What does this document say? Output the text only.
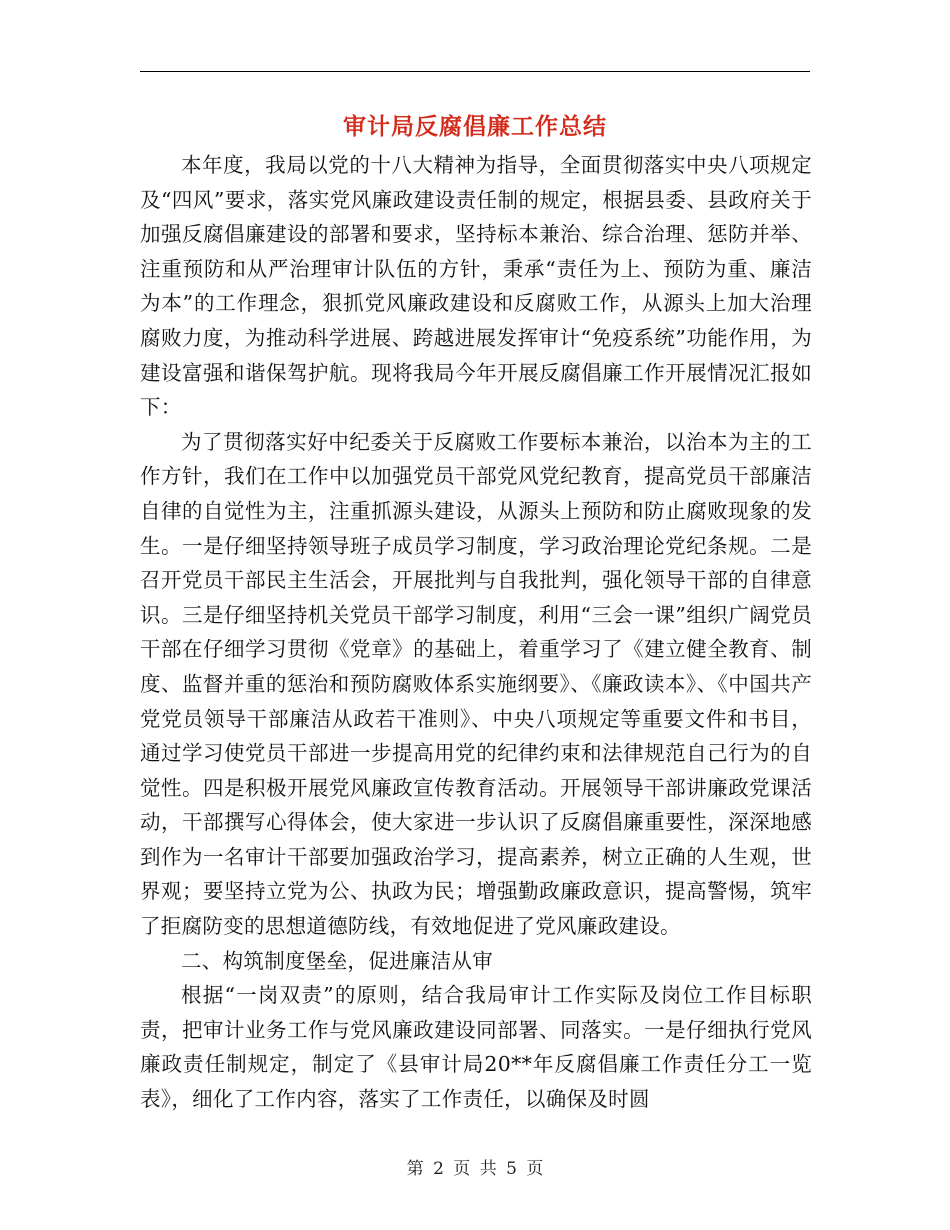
审计局反腐倡廉工作总结

本年度，我局以党的十八大精神为指导，全面贯彻落实中央八项规定及“四风”要求，落实党风廉政建设责任制的规定，根据县委、县政府关于加强反腐倡廉建设的部署和要求，坚持标本兼治、综合治理、惩防并举、注重预防和从严治理审计队伍的方针，秉承“责任为上、预防为重、廉洁为本”的工作理念，狠抓党风廉政建设和反腐败工作，从源头上加大治理腐败力度，为推动科学进展、跨越进展发挥审计“免疫系统”功能作用，为建设富强和谐保驾护航。现将我局今年开展反腐倡廉工作开展情况汇报如下：

为了贯彻落实好中纪委关于反腐败工作要标本兼治，以治本为主的工作方针，我们在工作中以加强党员干部党风党纪教育，提高党员干部廉洁自律的自觉性为主，注重抓源头建设，从源头上预防和防止腐败现象的发生。一是仔细坚持领导班子成员学习制度，学习政治理论党纪条规。二是召开党员干部民主生活会，开展批判与自我批判，强化领导干部的自律意识。三是仔细坚持机关党员干部学习制度，利用“三会一课”组织广阔党员干部在仔细学习贯彻《党章》的基础上，着重学习了《建立健全教育、制度、监督并重的惩治和预防腐败体系实施纲要》、《廉政读本》、《中国共产党党员领导干部廉洁从政若干准则》、中央八项规定等重要文件和书目，通过学习使党员干部进一步提高用党的纪律约束和法律规范自己行为的自觉性。四是积极开展党风廉政宣传教育活动。开展领导干部讲廉政党课活动，干部撰写心得体会，使大家进一步认识了反腐倡廉重要性，深深地感到作为一名审计干部要加强政治学习，提高素养，树立正确的人生观，世界观；要坚持立党为公、执政为民；增强勤政廉政意识，提高警惕，筑牢了拒腐防变的思想道德防线，有效地促进了党风廉政建设。

二、构筑制度堡垒，促进廉洁从审

根据“一岗双责”的原则，结合我局审计工作实际及岗位工作目标职责，把审计业务工作与党风廉政建设同部署、同落实。一是仔细执行党风廉政责任制规定，制定了《县审计局20**年反腐倡廉工作责任分工一览表》，细化了工作内容，落实了工作责任，以确保及时圆

第 2 页 共 5 页
